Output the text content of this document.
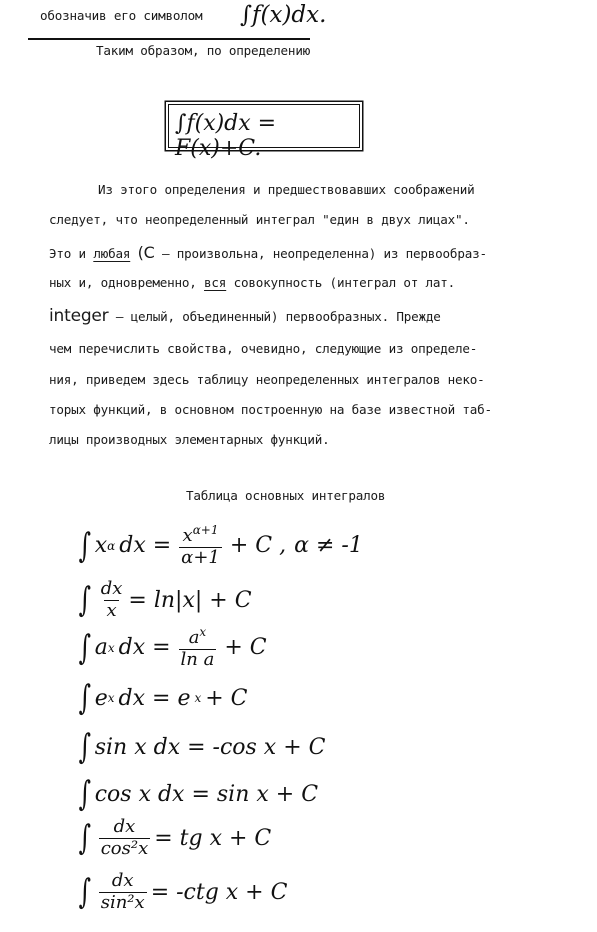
обозначив его символом ∫f(x)dx.
Таким образом, по определению
∫f(x)dx = F(x)+C.
Из этого определения и предшествовавших соображений
следует, что неопределенный интеграл "един в двух лицах".
Это и любая (C – произвольна, неопределенна) из первообраз-
ных и, одновременно, вся совокупность (интеграл от лат.
integer – целый, объединенный) первообразных. Прежде
чем перечислить свойства, очевидно, следующие из определе-
ния, приведем здесь таблицу неопределенных интегралов неко-
торых функций, в основном построенную на базе известной таб-
лицы производных элементарных функций.
Таблица основных интегралов
∫ x α dx = $\frac{x^{\alpha+1}}{\alpha+1} + C$ , α ≠ -1
∫ $\frac{dx}{x} = \ln|x| + C$
∫ a x dx = $\frac{a^x}{\text{ln a}} + C$
∫ e x dx = e x + C
∫ sin x dx = -cos x + C
∫ cos x dx = sin x + C
∫ $\frac{dx}{\text{cos²x}}$ = tg x + C
∫ $\frac{dx}{\text{sin²x}} = -ctg$ x + C
